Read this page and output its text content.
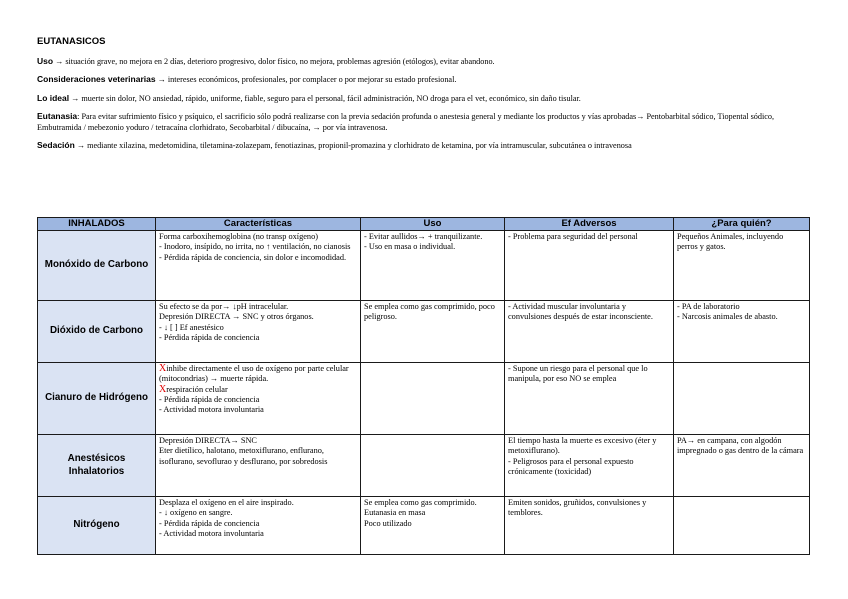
EUTANASICOS

Uso → situación grave, no mejora en 2 días, deterioro progresivo, dolor físico, no mejora, problemas agresión (etólogos), evitar abandono.

Consideraciones veterinarias → intereses económicos, profesionales, por complacer o por mejorar su estado profesional.

Lo ideal → muerte sin dolor, NO ansiedad, rápido, uniforme, fiable, seguro para el personal, fácil administración, NO droga para el vet, económico, sin daño tisular.

Eutanasia: Para evitar sufrimiento físico y psíquico, el sacrificio sólo podrá realizarse con la previa sedación profunda o anestesia general y mediante los productos y vías aprobadas→ Pentobarbital sódico, Tiopental sódico, Embutramida / mebezonio yoduro / tetracaína clorhidrato, Secobarbital / dibucaína, → por vía intravenosa.

Sedación → mediante xilazina, medetomidina, tiletamina-zolazepam, fenotiazinas, propionil-promazina y clorhidrato de ketamina, por vía intramuscular, subcutánea o intravenosa

INHALADOS	Características	Uso	Ef Adversos	¿Para quién?
Monóxido de Carbono	Forma carboxihemoglobina (no transp oxígeno)
- Inodoro, insípido, no irrita, no ↑ ventilación, no cianosis
- Pérdida rápida de conciencia, sin dolor e incomodidad.	- Evitar aullidos→ + tranquilizante.
- Uso en masa o individual.	- Problema para seguridad del personal	Pequeños Animales, incluyendo perros y gatos.

Dióxido de Carbono	Su efecto se da por→ ↓pH intracelular.
Depresión DIRECTA → SNC y otros órganos.
- ↓ [ ] Ef anestésico
- Pérdida rápida de conciencia	Se emplea como gas comprimido, poco peligroso.	- Actividad muscular involuntaria y convulsiones después de estar inconsciente.	- PA de laboratorio
- Narcosis animales de abasto.

Cianuro de Hidrógeno	Xinhibe directamente el uso de oxígeno por parte celular (mitocondrias) → muerte rápida.
Xrespiración celular
- Pérdida rápida de conciencia
- Actividad motora involuntaria		- Supone un riesgo para el personal que lo manipula, por eso NO se emplea	

Anestésicos Inhalatorios	Depresión DIRECTA→ SNC
Eter dietílico, halotano, metoxiflurano, enflurano, isoflurano, sevoflurao y desflurano, por sobredosis		El tiempo hasta la muerte es excesivo (éter y metoxiflurano).
- Peligrosos para el personal expuesto crónicamente (toxicidad)	PA→ en campana, con algodón impregnado o gas dentro de la cámara

Nitrógeno	Desplaza el oxígeno en el aire inspirado.
- ↓ oxígeno en sangre.
- Pérdida rápida de conciencia
- Actividad motora involuntaria	Se emplea como gas comprimido.
Eutanasia en masa
Poco utilizado	Emiten sonidos, gruñidos, convulsiones y temblores.	
